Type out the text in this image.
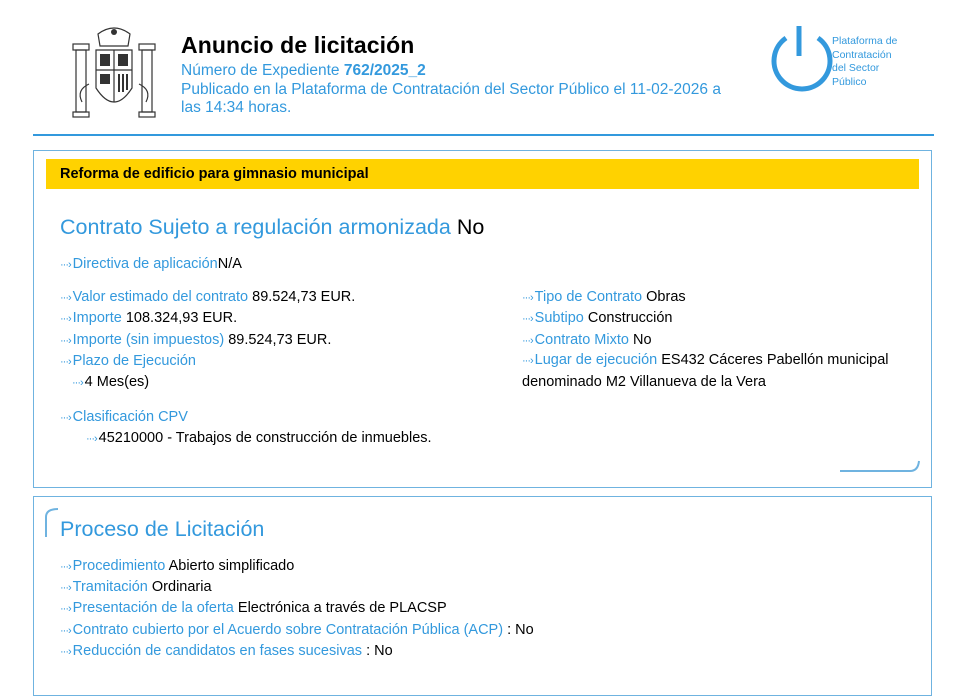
Anuncio de licitación
Número de Expediente 762/2025_2
Publicado en la Plataforma de Contratación del Sector Público el 11-02-2026 a
las 14:34 horas.
Plataforma de
Contratación
del Sector
Público
Reforma de edificio para gimnasio municipal
Contrato Sujeto a regulación armonizada No
···› Directiva de aplicaciónN/A
···› Valor estimado del contrato 89.524,73 EUR.
···› Importe 108.324,93 EUR.
···› Importe (sin impuestos) 89.524,73 EUR.
···› Plazo de Ejecución
···› 4 Mes(es)
···› Tipo de Contrato Obras
···› Subtipo Construcción
···› Contrato Mixto No
···› Lugar de ejecución ES432 Cáceres Pabellón municipal denominado M2 Villanueva de la Vera
···› Clasificación CPV
···› 45210000 - Trabajos de construcción de inmuebles.
Proceso de Licitación
···› Procedimiento Abierto simplificado
···› Tramitación Ordinaria
···› Presentación de la oferta Electrónica a través de PLACSP
···› Contrato cubierto por el Acuerdo sobre Contratación Pública (ACP) : No
···› Reducción de candidatos en fases sucesivas : No
